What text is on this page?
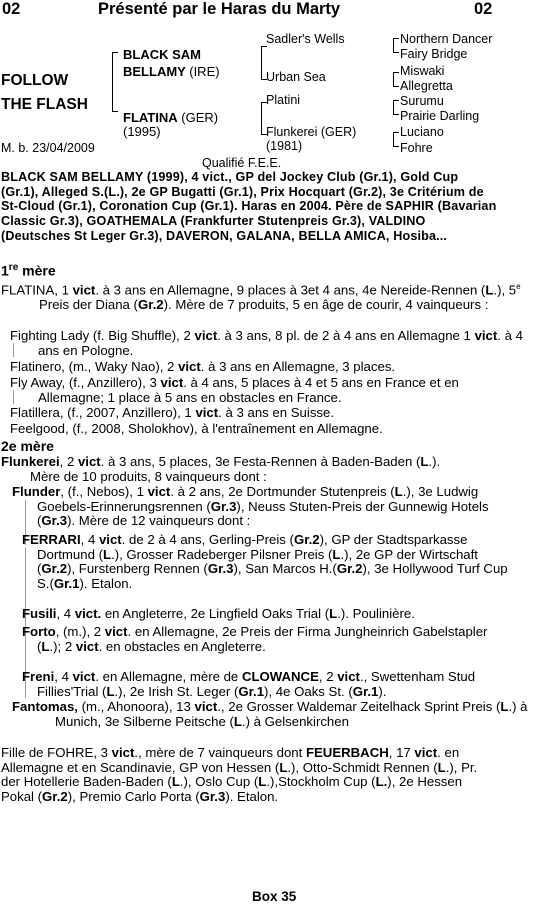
02	Présenté par le Haras du Marty	02
FOLLOW
THE FLASH
M. b. 23/04/2009
BLACK SAM
BELLAMY (IRE)
FLATINA (GER)
(1995)
Sadler's Wells
Urban Sea
Platini
Flunkerei (GER)
(1981)
Northern Dancer
Fairy Bridge
Miswaki
Allegretta
Surumu
Prairie Darling
Luciano
Fohre
Qualifié F.E.E.
BLACK SAM BELLAMY (1999), 4 vict., GP del Jockey Club (Gr.1), Gold Cup (Gr.1), Alleged S.(L.), 2e GP Bugatti (Gr.1), Prix Hocquart (Gr.2), 3e Critérium de St-Cloud (Gr.1), Coronation Cup (Gr.1). Haras en 2004. Père de SAPHIR (Bavarian Classic Gr.3), GOATHEMALA (Frankfurter Stutenpreis Gr.3), VALDINO (Deutsches St Leger Gr.3), DAVERON, GALANA, BELLA AMICA, Hosiba...
1re mère
FLATINA, 1 vict. à 3 ans en Allemagne, 9 places à 3et 4 ans, 4e Nereide-Rennen (L.), 5e Preis der Diana (Gr.2). Mère de 7 produits, 5 en âge de courir, 4 vainqueurs :
Fighting Lady (f. Big Shuffle), 2 vict. à 3 ans, 8 pl. de 2 à 4 ans en Allemagne 1 vict. à 4 ans en Pologne.
Flatinero, (m., Waky Nao), 2 vict. à 3 ans en Allemagne, 3 places.
Fly Away, (f., Anzillero), 3 vict. à 4 ans, 5 places à 4 et 5 ans en France et en Allemagne; 1 place à 5 ans en obstacles en France.
Flatillera, (f., 2007, Anzillero), 1 vict. à 3 ans en Suisse.
Feelgood, (f., 2008, Sholokhov), à l'entraînement en Allemagne.
2e mère
Flunkerei, 2 vict. à 3 ans, 5 places, 3e Festa-Rennen à Baden-Baden (L.).
Mère de 10 produits, 8 vainqueurs dont :
Flunder, (f., Nebos), 1 vict. à 2 ans, 2e Dortmunder Stutenpreis (L.), 3e Ludwig Goebels-Erinnerungsrennen (Gr.3), Neuss Stuten-Preis der Gunnewig Hotels (Gr.3). Mère de 12 vainqueurs dont :
FERRARI, 4 vict. de 2 à 4 ans, Gerling-Preis (Gr.2), GP der Stadtsparkasse Dortmund (L.), Grosser Radeberger Pilsner Preis (L.), 2e GP der Wirtschaft (Gr.2), Furstenberg Rennen (Gr.3), San Marcos H.(Gr.2), 3e Hollywood Turf Cup S.(Gr.1). Etalon.
Fusili, 4 vict. en Angleterre, 2e Lingfield Oaks Trial (L.). Poulinière.
Forto, (m.), 2 vict. en Allemagne, 2e Preis der Firma Jungheinrich Gabelstapler (L.); 2 vict. en obstacles en Angleterre.
Freni, 4 vict. en Allemagne, mère de CLOWANCE, 2 vict., Swettenham Stud Fillies'Trial (L.), 2e Irish St. Leger (Gr.1), 4e Oaks St. (Gr.1).
Fantomas, (m., Ahonoora), 13 vict., 2e Grosser Waldemar Zeitelhack Sprint Preis (L.) à Munich, 3e Silberne Peitsche (L.) à Gelsenkirchen
Fille de FOHRE, 3 vict., mère de 7 vainqueurs dont FEUERBACH, 17 vict. en Allemagne et en Scandinavie, GP von Hessen (L.), Otto-Schmidt Rennen (L.), Pr. der Hotellerie Baden-Baden (L.), Oslo Cup (L.),Stockholm Cup (L.), 2e Hessen Pokal (Gr.2), Premio Carlo Porta (Gr.3). Etalon.
Box 35
